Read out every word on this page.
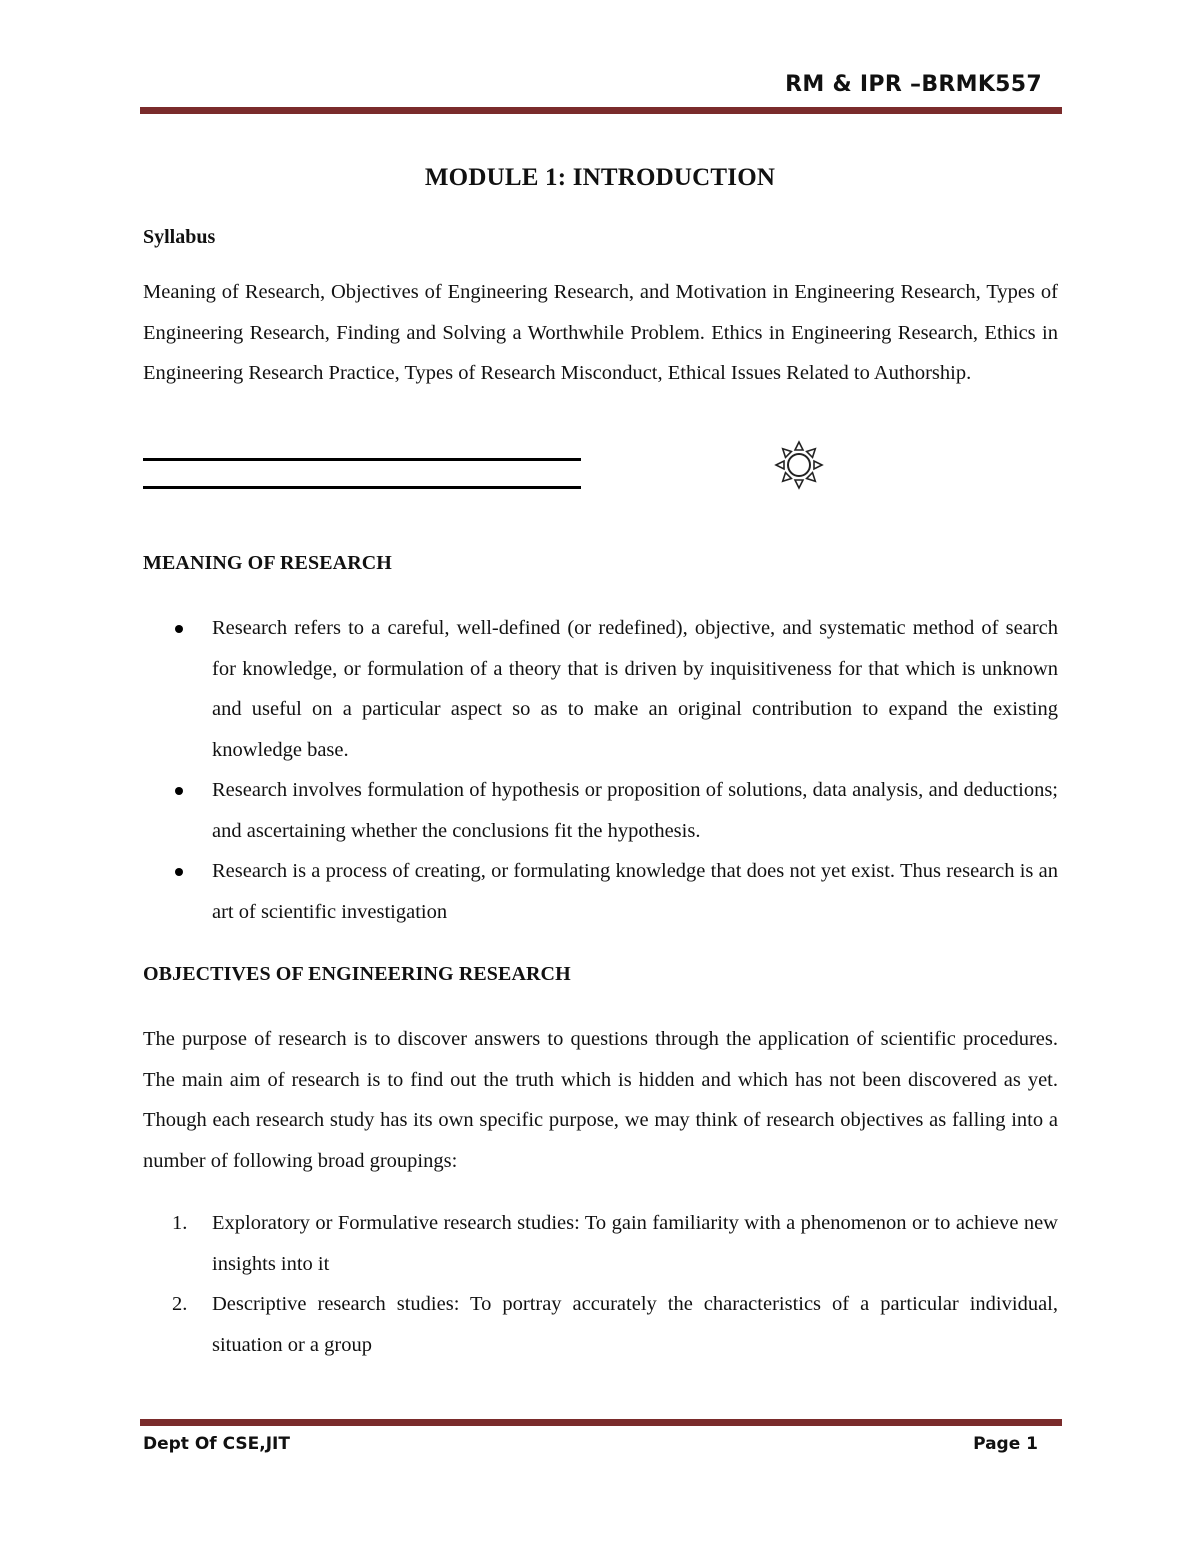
RM & IPR –BRMK557
MODULE 1: INTRODUCTION
Syllabus
Meaning of Research, Objectives of Engineering Research, and Motivation in Engineering Research, Types of Engineering Research, Finding and Solving a Worthwhile Problem. Ethics in Engineering Research, Ethics in Engineering Research Practice, Types of Research Misconduct, Ethical Issues Related to Authorship.
MEANING OF RESEARCH
Research refers to a careful, well-defined (or redefined), objective, and systematic method of search for knowledge, or formulation of a theory that is driven by inquisitiveness for that which is unknown and useful on a particular aspect so as to make an original contribution to expand the existing knowledge base.
Research involves formulation of hypothesis or proposition of solutions, data analysis, and deductions; and ascertaining whether the conclusions fit the hypothesis.
Research is a process of creating, or formulating knowledge that does not yet exist. Thus research is an art of scientific investigation
OBJECTIVES OF ENGINEERING RESEARCH
The purpose of research is to discover answers to questions through the application of scientific procedures. The main aim of research is to find out the truth which is hidden and which has not been discovered as yet. Though each research study has its own specific purpose, we may think of research objectives as falling into a number of following broad groupings:
1. Exploratory or Formulative research studies: To gain familiarity with a phenomenon or to achieve new insights into it
2. Descriptive research studies: To portray accurately the characteristics of a particular individual, situation or a group
Dept Of CSE,JIT	Page 1
